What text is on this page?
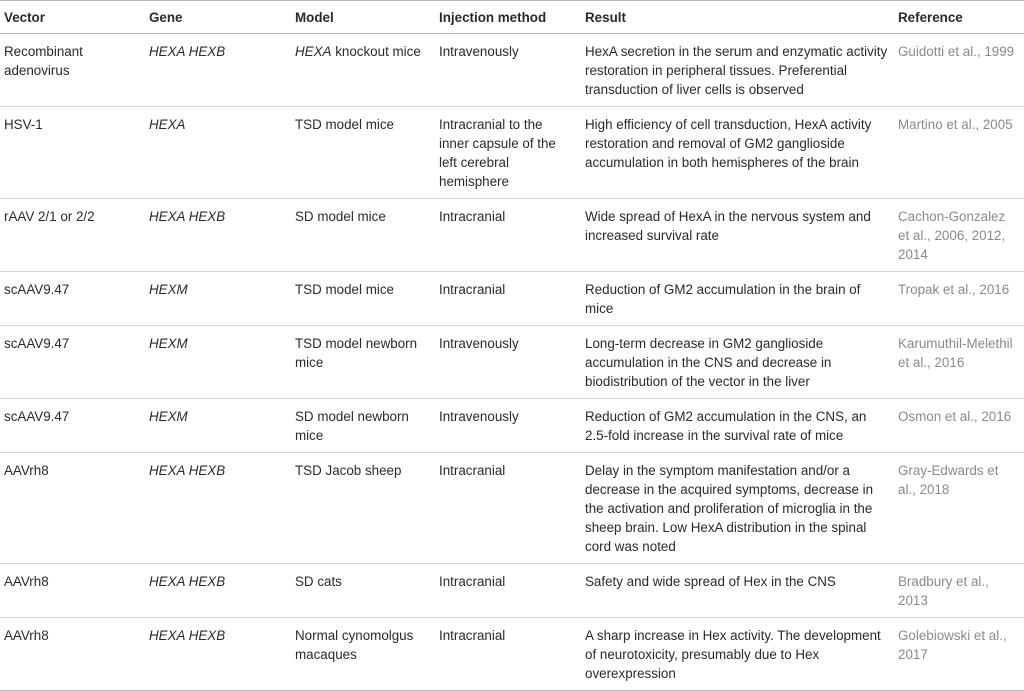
Vector	Gene	Model	Injection method	Result	Reference
Recombinant adenovirus	HEXA HEXB	HEXA knockout mice	Intravenously	HexA secretion in the serum and enzymatic activity restoration in peripheral tissues. Preferential transduction of liver cells is observed	Guidotti et al., 1999
HSV-1	HEXA	TSD model mice	Intracranial to the inner capsule of the left cerebral hemisphere	High efficiency of cell transduction, HexA activity restoration and removal of GM2 ganglioside accumulation in both hemispheres of the brain	Martino et al., 2005
rAAV 2/1 or 2/2	HEXA HEXB	SD model mice	Intracranial	Wide spread of HexA in the nervous system and increased survival rate	Cachon-Gonzalez et al., 2006, 2012, 2014
scAAV9.47	HEXM	TSD model mice	Intracranial	Reduction of GM2 accumulation in the brain of mice	Tropak et al., 2016
scAAV9.47	HEXM	TSD model newborn mice	Intravenously	Long-term decrease in GM2 ganglioside accumulation in the CNS and decrease in biodistribution of the vector in the liver	Karumuthil-Melethil et al., 2016
scAAV9.47	HEXM	SD model newborn mice	Intravenously	Reduction of GM2 accumulation in the CNS, an 2.5-fold increase in the survival rate of mice	Osmon et al., 2016
AAVrh8	HEXA HEXB	TSD Jacob sheep	Intracranial	Delay in the symptom manifestation and/or a decrease in the acquired symptoms, decrease in the activation and proliferation of microglia in the sheep brain. Low HexA distribution in the spinal cord was noted	Gray-Edwards et al., 2018
AAVrh8	HEXA HEXB	SD cats	Intracranial	Safety and wide spread of Hex in the CNS	Bradbury et al., 2013
AAVrh8	HEXA HEXB	Normal cynomolgus macaques	Intracranial	A sharp increase in Hex activity. The development of neurotoxicity, presumably due to Hex overexpression	Golebiowski et al., 2017
